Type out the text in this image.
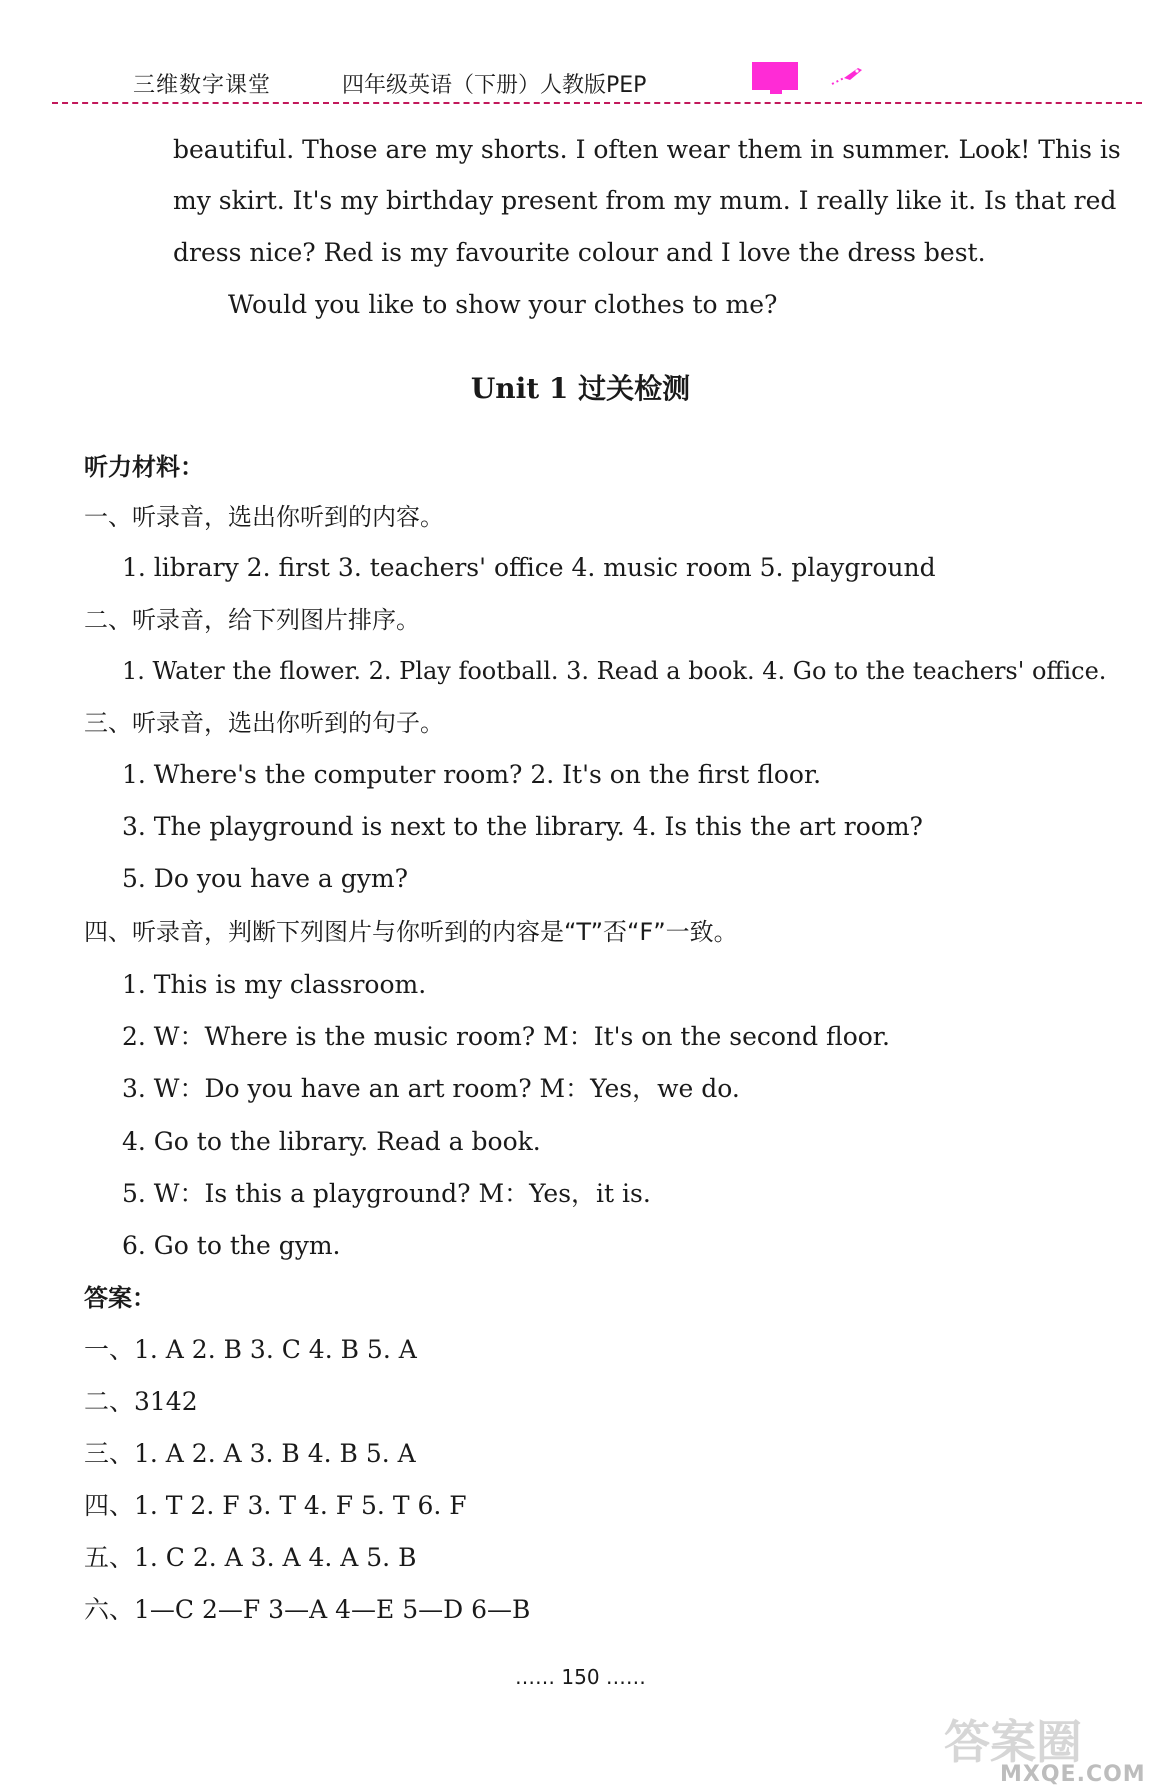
三维数字课堂	四年级英语（下册）人教版PEP
beautiful. Those are my shorts. I often wear them in summer. Look! This is
my skirt. It's my birthday present from my mum. I really like it. Is that red
dress nice? Red is my favourite colour and I love the dress best.
Would you like to show your clothes to me?
Unit 1 过关检测
听力材料：
一、听录音，选出你听到的内容。
1. library 2. first 3. teachers' office 4. music room 5. playground
二、听录音，给下列图片排序。
1. Water the flower. 2. Play football. 3. Read a book. 4. Go to the teachers' office.
三、听录音，选出你听到的句子。
1. Where's the computer room? 2. It's on the first floor.
3. The playground is next to the library. 4. Is this the art room?
5. Do you have a gym?
四、听录音，判断下列图片与你听到的内容是“T”否“F”一致。
1. This is my classroom.
2. W：Where is the music room? M：It's on the second floor.
3. W：Do you have an art room? M：Yes，we do.
4. Go to the library. Read a book.
5. W：Is this a playground? M：Yes，it is.
6. Go to the gym.
答案：
一、1. A 2. B 3. C 4. B 5. A
二、3142
三、1. A 2. A 3. B 4. B 5. A
四、1. T 2. F 3. T 4. F 5. T 6. F
五、1. C 2. A 3. A 4. A 5. B
六、1—C 2—F 3—A 4—E 5—D 6—B
…… 150 ……
答案圈
MXQE.COM
